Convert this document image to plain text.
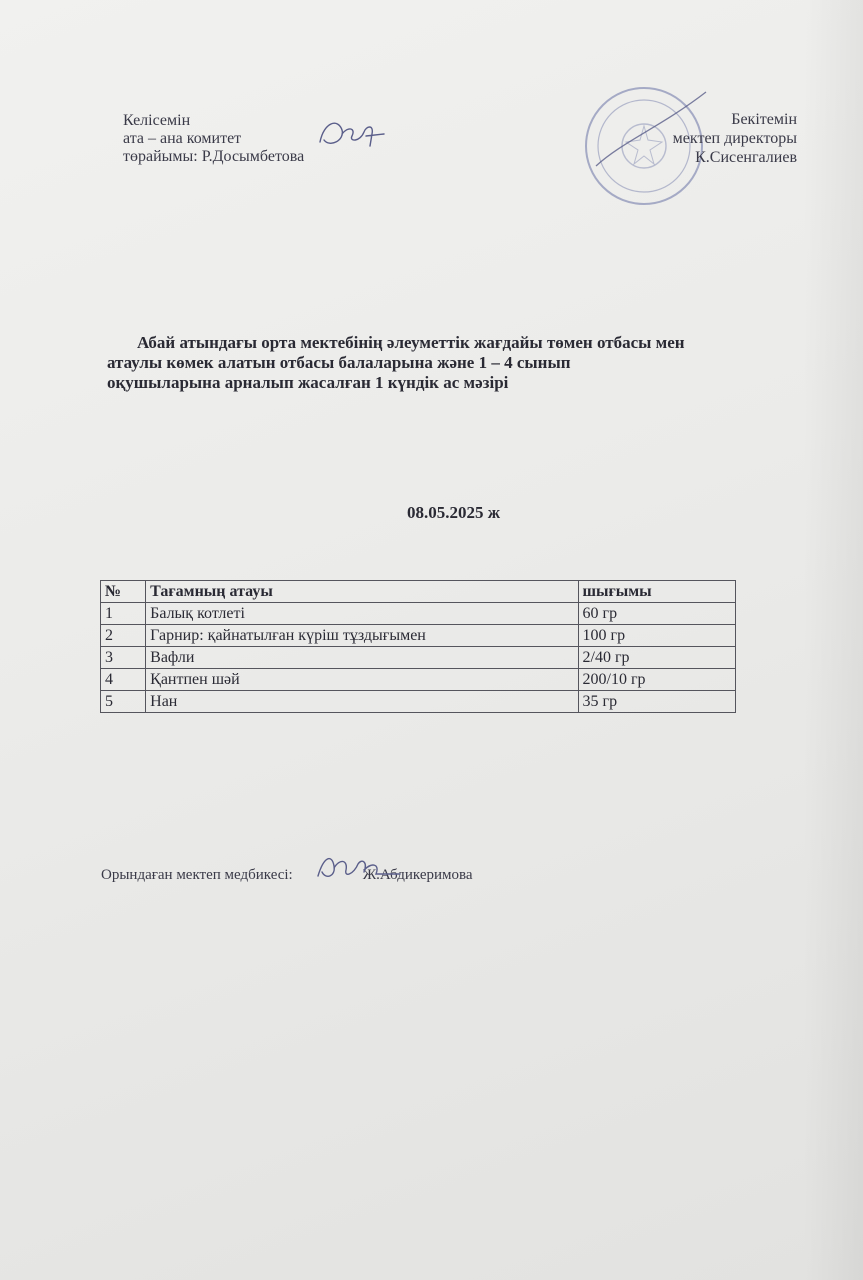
Келісемін
ата – ана комитет
төрайымы: Р.Досымбетова
Бекітемін
мектеп директоры
К.Сисенгалиев
Абай атындағы орта мектебінің әлеуметтік жағдайы төмен отбасы мен
атаулы көмек алатын отбасы балаларына және 1 – 4 сынып
оқушыларына арналып жасалған 1 күндік ас мәзірі
08.05.2025 ж
№	Тағамның атауы	шығымы
1	Балық котлеті	60 гр
2	Гарнир: қайнатылған күріш тұздығымен	100 гр
3	Вафли	2/40 гр
4	Қантпен шәй	200/10 гр
5	Нан	35 гр
Орындаған мектеп медбикесі:	Ж.Абдикеримова
